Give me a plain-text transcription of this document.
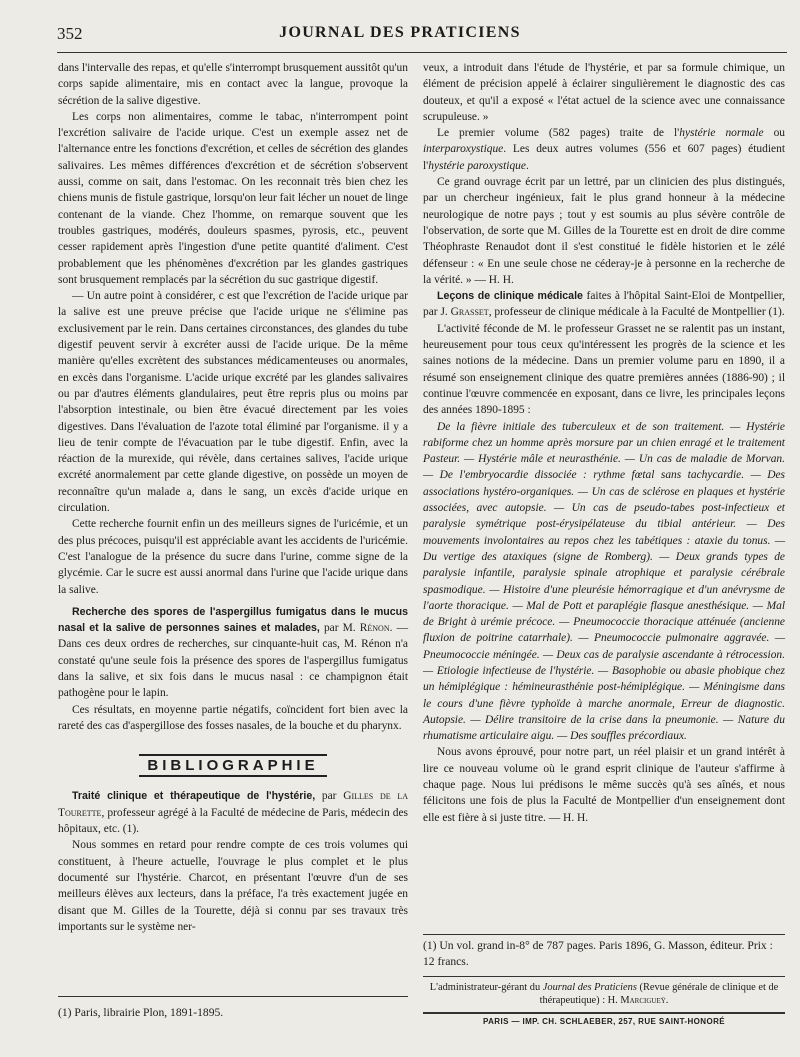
352	JOURNAL DES PRATICIENS

dans l'intervalle des repas, et qu'elle s'interrompt brusquement aussitôt qu'un corps sapide alimentaire, mis en contact avec la langue, provoque la sécrétion de la salive digestive.

Les corps non alimentaires, comme le tabac, n'interrompent point l'excrétion salivaire de l'acide urique. C'est un exemple assez net de l'alternance entre les fonctions d'excrétion, et celles de sécrétion des glandes salivaires. Les mêmes différences d'excrétion et de sécrétion s'observent aussi, comme on sait, dans l'estomac. On les reconnait très bien chez les chiens munis de fistule gastrique, lorsqu'on leur fait lécher un nouet de linge contenant de la viande. Chez l'homme, on remarque souvent que les troubles gastriques, modérés, douleurs spasmes, pyrosis, etc., peuvent cesser rapidement après l'ingestion d'une petite quantité d'aliment. C'est probablement que les phénomènes d'excrétion par les glandes gastriques sont brusquement remplacés par la sécrétion du suc gastrique digestif.

— Un autre point à considérer, c est que l'excrétion de l'acide urique par la salive est une preuve précise que l'acide urique ne s'élimine pas exclusivement par le rein. Dans certaines circonstances, des glandes du tube digestif peuvent servir à excréter aussi de l'acide urique. De la même manière qu'elles excrètent des substances médicamenteuses ou anormales, en excès dans l'organisme. L'acide urique excrété par les glandes salivaires ou par d'autres éléments glandulaires, peut être repris plus ou moins par l'absorption intestinale, ou bien être évacué directement par les voies digestives. Dans l'évaluation de l'azote total éliminé par l'organisme. il y a lieu de tenir compte de l'évacuation par le tube digestif. Enfin, avec la réaction de la murexide, qui révèle, dans certaines salives, l'acide urique excrété anormalement par cette glande digestive, on possède un moyen de reconnaître qu'un malade a, dans le sang, un excès d'acide urique en circulation.

Cette recherche fournit enfin un des meilleurs signes de l'uricémie, et un des plus précoces, puisqu'il est appréciable avant les accidents de l'uricémie. C'est l'analogue de la présence du sucre dans l'urine, comme signe de la glycémie. Car le sucre est aussi anormal dans l'urine que l'acide urique dans la salive.

Recherche des spores de l'aspergillus fumigatus dans le mucus nasal et la salive de personnes saines et malades, par M. Rénon. — Dans ces deux ordres de recherches, sur cinquante-huit cas, M. Rénon n'a constaté qu'une seule fois la présence des spores de l'aspergillus fumigatus dans la salive, et six fois dans le mucus nasal : ce champignon était pathogène pour le lapin.

Ces résultats, en moyenne partie négatifs, coïncident fort bien avec la rareté des cas d'aspergillose des fosses nasales, de la bouche et du pharynx.

BIBLIOGRAPHIE

Traité clinique et thérapeutique de l'hystérie, par Gilles de la Tourette, professeur agrégé à la Faculté de médecine de Paris, médecin des hôpitaux, etc. (1).

Nous sommes en retard pour rendre compte de ces trois volumes qui constituent, à l'heure actuelle, l'ouvrage le plus complet et le plus documenté sur l'hystérie. Charcot, en présentant l'œuvre d'un de ses meilleurs élèves aux lecteurs, dans la préface, l'a très exactement jugée en disant que M. Gilles de la Tourette, déjà si connu par ses travaux très importants sur le système ner-

veux, a introduit dans l'étude de l'hystérie, et par sa formule chimique, un élément de précision appelé à éclairer singulièrement le diagnostic des cas douteux, et qu'il a exposé « l'état actuel de la science avec une connaissance scrupuleuse. »

Le premier volume (582 pages) traite de l'hystérie normale ou interparoxystique. Les deux autres volumes (556 et 607 pages) étudient l'hystérie paroxystique.

Ce grand ouvrage écrit par un lettré, par un clinicien des plus distingués, par un chercheur ingénieux, fait le plus grand honneur à la médecine neurologique de notre pays ; tout y est soumis au plus sévère contrôle de l'observation, de sorte que M. Gilles de la Tourette est en droit de dire comme Théophraste Renaudot dont il s'est constitué le fidèle historien et le zélé défenseur : « En une seule chose ne céderay-je à personne en la recherche de la vérité. » — H. H.

Leçons de clinique médicale faites à l'hôpital Saint-Eloi de Montpellier, par J. Grasset, professeur de clinique médicale à la Faculté de Montpellier (1).

L'activité féconde de M. le professeur Grasset ne se ralentit pas un instant, heureusement pour tous ceux qu'intéressent les progrès de la science et les saines notions de la médecine. Dans un premier volume paru en 1890, il a résumé son enseignement clinique des quatre premières années (1886-90) ; il continue l'œuvre commencée en exposant, dans ce livre, les principales leçons des années 1890-1895 :

De la fièvre initiale des tuberculeux et de son traitement. — Hystérie rabiforme chez un homme après morsure par un chien enragé et le traitement Pasteur. — Hystérie mâle et neurasthénie. — Un cas de maladie de Morvan. — De l'embryocardie dissociée : rythme fœtal sans tachycardie. — Des associations hystéro-organiques. — Un cas de sclérose en plaques et hystérie associées, avec autopsie. — Un cas de pseudo-tabes post-infectieux et paralysie symétrique post-érysipélateuse du tibial antérieur. — Des mouvements involontaires au repos chez les tabétiques : ataxie du tonus. — Du vertige des ataxiques (signe de Romberg). — Deux grands types de paralysie infantile, paralysie spinale atrophique et paralysie cérébrale spasmodique. — Histoire d'une pleurésie hémorragique et d'un anévrysme de l'aorte thoracique. — Mal de Pott et paraplégie flasque anesthésique. — Mal de Bright à urémie précoce. — Pneumococcie thoracique atténuée (ancienne fluxion de poitrine catarrhale). — Pneumococcie pulmonaire aggravée. — Pneumococcie méningée. — Deux cas de paralysie ascendante à rétrocession. — Etiologie infectieuse de l'hystérie. — Basophobie ou abasie phobique chez un hémiplégique : hémineurasthénie post-hémiplégique. — Méningisme dans le cours d'une fièvre typhoïde à marche anormale, Erreur de diagnostic. Autopsie. — Délire transitoire de la crise dans la pneumonie. — Nature du rhumatisme articulaire aigu. — Des souffles précordiaux.

Nous avons éprouvé, pour notre part, un réel plaisir et un grand intérêt à lire ce nouveau volume où le grand esprit clinique de l'auteur s'affirme à chaque page. Nous lui prédisons le même succès qu'à ses aînés, et nous félicitons une fois de plus la Faculté de Montpellier d'un enseignement dont elle est fière à si juste titre. — H. H.

(1) Un vol. grand in-8° de 787 pages. Paris 1896, G. Masson, éditeur. Prix : 12 francs.

L'administrateur-gérant du Journal des Praticiens (Revue générale de clinique et de thérapeutique) : H. Marcigueÿ.
PARIS — IMP. CH. SCHLAEBER, 257, RUE SAINT-HONORÉ

(1) Paris, librairie Plon, 1891-1895.
